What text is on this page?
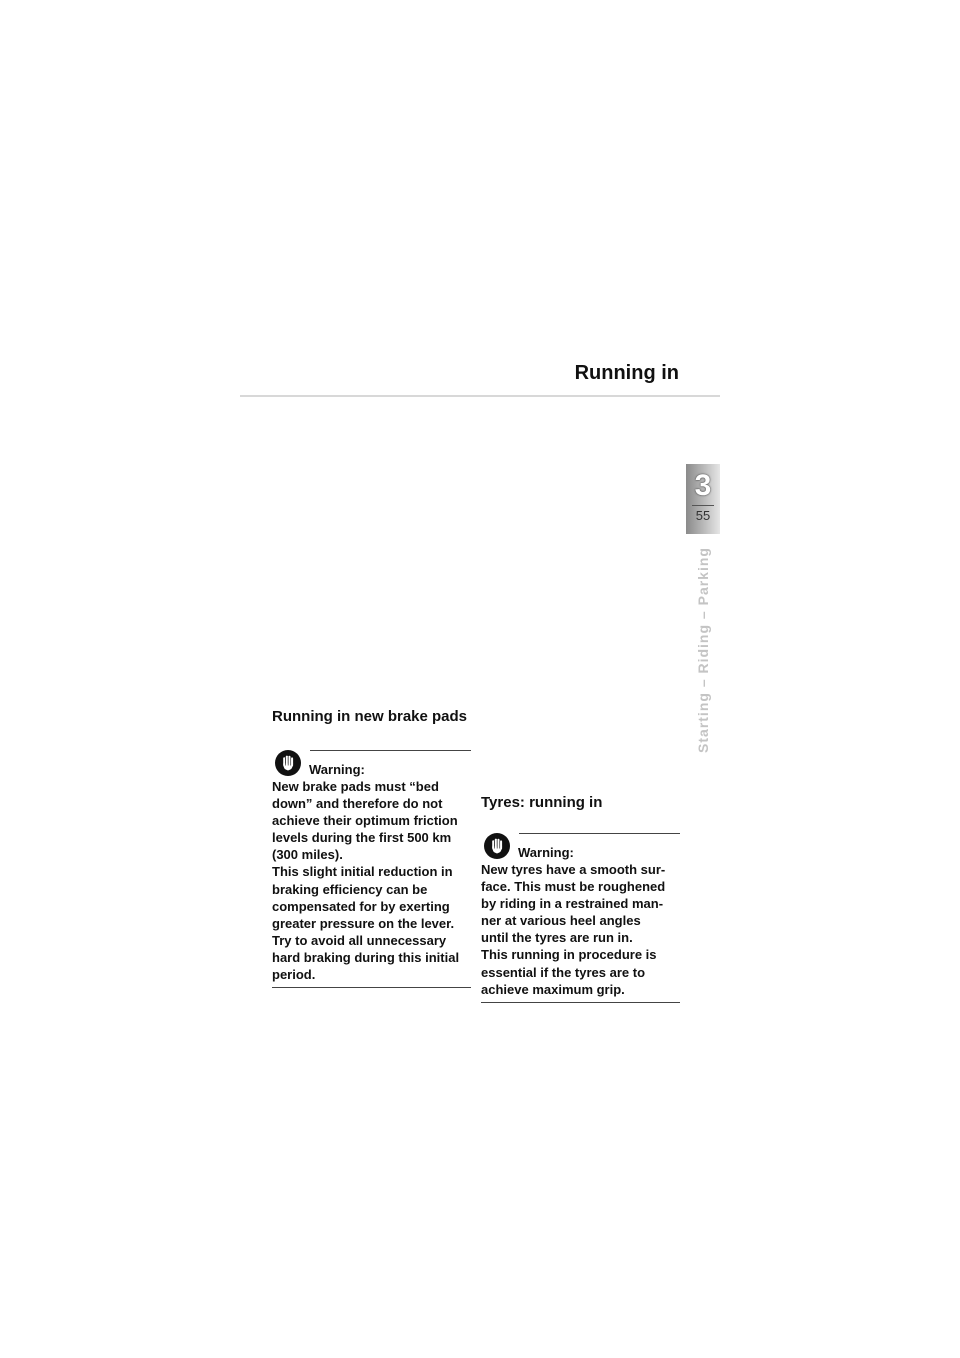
Running in
3
55
Starting – Riding – Parking
Running in new brake pads

Warning:

New brake pads must “bed
down” and therefore do not
achieve their optimum friction
levels during the first 500 km
(300 miles).
This slight initial reduction in
braking efficiency can be
compensated for by exerting
greater pressure on the lever.
Try to avoid all unnecessary
hard braking during this initial
period.

Tyres: running in

Warning:

New tyres have a smooth sur-
face. This must be roughened
by riding in a restrained man-
ner at various heel angles
until the tyres are run in.
This running in procedure is
essential if the tyres are to
achieve maximum grip.
